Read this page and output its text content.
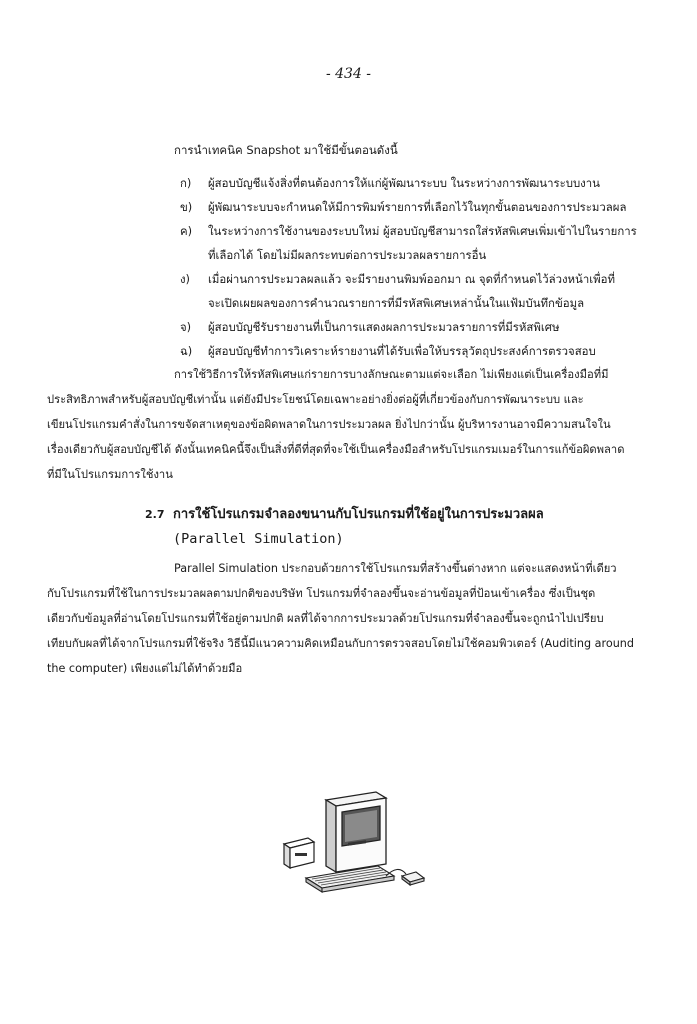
- 434 -
การนำเทคนิค Snapshot มาใช้มีขั้นตอนดังนี้
ก) ผู้สอบบัญชีแจ้งสิ่งที่ตนต้องการให้แก่ผู้พัฒนาระบบ ในระหว่างการพัฒนาระบบงาน
ข) ผู้พัฒนาระบบจะกำหนดให้มีการพิมพ์รายการที่เลือกไว้ในทุกขั้นตอนของการประมวลผล
ค) ในระหว่างการใช้งานของระบบใหม่ ผู้สอบบัญชีสามารถใส่รหัสพิเศษเพิ่มเข้าไปในรายการ
ที่เลือกได้ โดยไม่มีผลกระทบต่อการประมวลผลรายการอื่น
ง) เมื่อผ่านการประมวลผลแล้ว จะมีรายงานพิมพ์ออกมา ณ จุดที่กำหนดไว้ล่วงหน้าเพื่อที่
จะเปิดเผยผลของการคำนวณรายการที่มีรหัสพิเศษเหล่านั้นในแฟ้มบันทึกข้อมูล
จ) ผู้สอบบัญชีรับรายงานที่เป็นการแสดงผลการประมวลรายการที่มีรหัสพิเศษ
ฉ) ผู้สอบบัญชีทำการวิเคราะห์รายงานที่ได้รับเพื่อให้บรรลุวัตถุประสงค์การตรวจสอบ
การใช้วิธีการให้รหัสพิเศษแก่รายการบางลักษณะตามแต่จะเลือก ไม่เพียงแต่เป็นเครื่องมือที่มี
ประสิทธิภาพสำหรับผู้สอบบัญชีเท่านั้น แต่ยังมีประโยชน์โดยเฉพาะอย่างยิ่งต่อผู้ที่เกี่ยวข้องกับการพัฒนาระบบ และ
เขียนโปรแกรมคำสั่งในการขจัดสาเหตุของข้อผิดพลาดในการประมวลผล ยิ่งไปกว่านั้น ผู้บริหารงานอาจมีความสนใจใน
เรื่องเดียวกับผู้สอบบัญชีได้ ดังนั้นเทคนิคนี้จึงเป็นสิ่งที่ดีที่สุดที่จะใช้เป็นเครื่องมือสำหรับโปรแกรมเมอร์ในการแก้ข้อผิดพลาด
ที่มีในโปรแกรมการใช้งาน
2.7 การใช้โปรแกรมจำลองขนานกับโปรแกรมที่ใช้อยู่ในการประมวลผล
(Parallel Simulation)
Parallel Simulation ประกอบด้วยการใช้โปรแกรมที่สร้างขึ้นต่างหาก แต่จะแสดงหน้าที่เดียว
กับโปรแกรมที่ใช้ในการประมวลผลตามปกติของบริษัท โปรแกรมที่จำลองขึ้นจะอ่านข้อมูลที่ป้อนเข้าเครื่อง ซึ่งเป็นชุด
เดียวกับข้อมูลที่อ่านโดยโปรแกรมที่ใช้อยู่ตามปกติ ผลที่ได้จากการประมวลด้วยโปรแกรมที่จำลองขึ้นจะถูกนำไปเปรียบ
เทียบกับผลที่ได้จากโปรแกรมที่ใช้จริง วิธีนี้มีแนวความคิดเหมือนกับการตรวจสอบโดยไม่ใช้คอมพิวเตอร์ (Auditing around
the computer) เพียงแต่ไม่ได้ทำด้วยมือ
